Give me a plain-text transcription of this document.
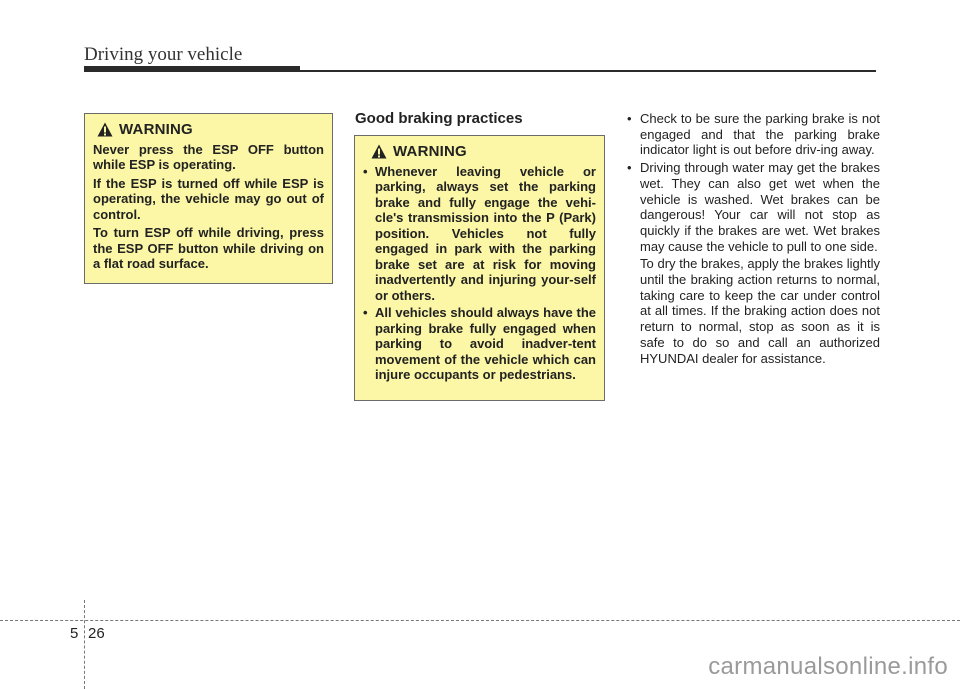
Driving your vehicle
WARNING

Never press the ESP OFF button while ESP is operating.

If the ESP is turned off while ESP is operating, the vehicle may go out of control.

To turn ESP off while driving, press the ESP OFF button while driving on a flat road surface.

Good braking practices
WARNING
• Whenever leaving vehicle or parking, always set the parking brake and fully engage the vehi-cle's transmission into the P (Park) position. Vehicles not fully engaged in park with the parking brake set are at risk for moving inadvertently and injuring your-self or others.
• All vehicles should always have the parking brake fully engaged when parking to avoid inadver-tent movement of the vehicle which can injure occupants or pedestrians.
• Check to be sure the parking brake is not engaged and that the parking brake indicator light is out before driv-ing away.
• Driving through water may get the brakes wet. They can also get wet when the vehicle is washed. Wet brakes can be dangerous! Your car will not stop as quickly if the brakes are wet. Wet brakes may cause the vehicle to pull to one side.

To dry the brakes, apply the brakes lightly until the braking action returns to normal, taking care to keep the car under control at all times. If the braking action does not return to normal, stop as soon as it is safe to do so and call an authorized HYUNDAI dealer for assistance.

5 26
carmanualsonline.info
